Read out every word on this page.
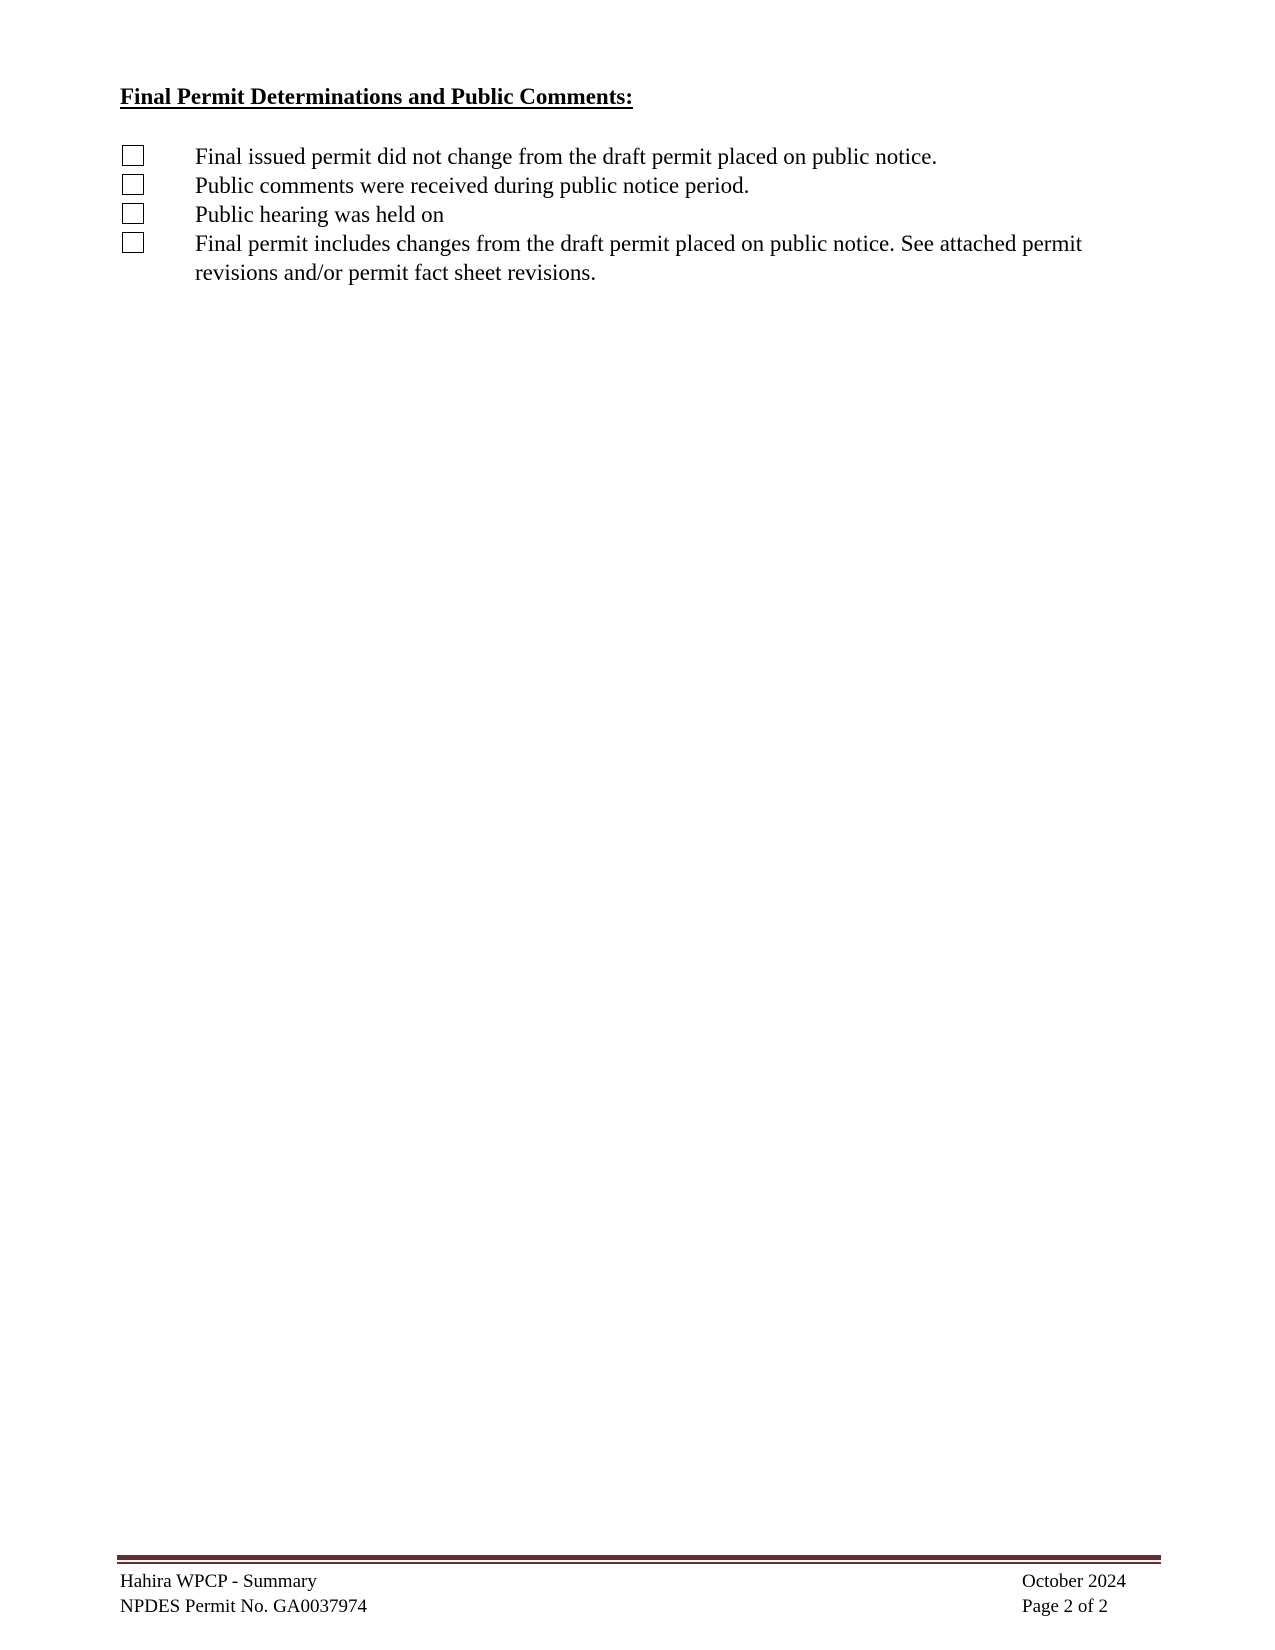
Final Permit Determinations and Public Comments:
Final issued permit did not change from the draft permit placed on public notice.
Public comments were received during public notice period.
Public hearing was held on
Final permit includes changes from the draft permit placed on public notice. See attached permit revisions and/or permit fact sheet revisions.
Hahira WPCP - Summary
NPDES Permit No. GA0037974
October 2024
Page 2 of 2
